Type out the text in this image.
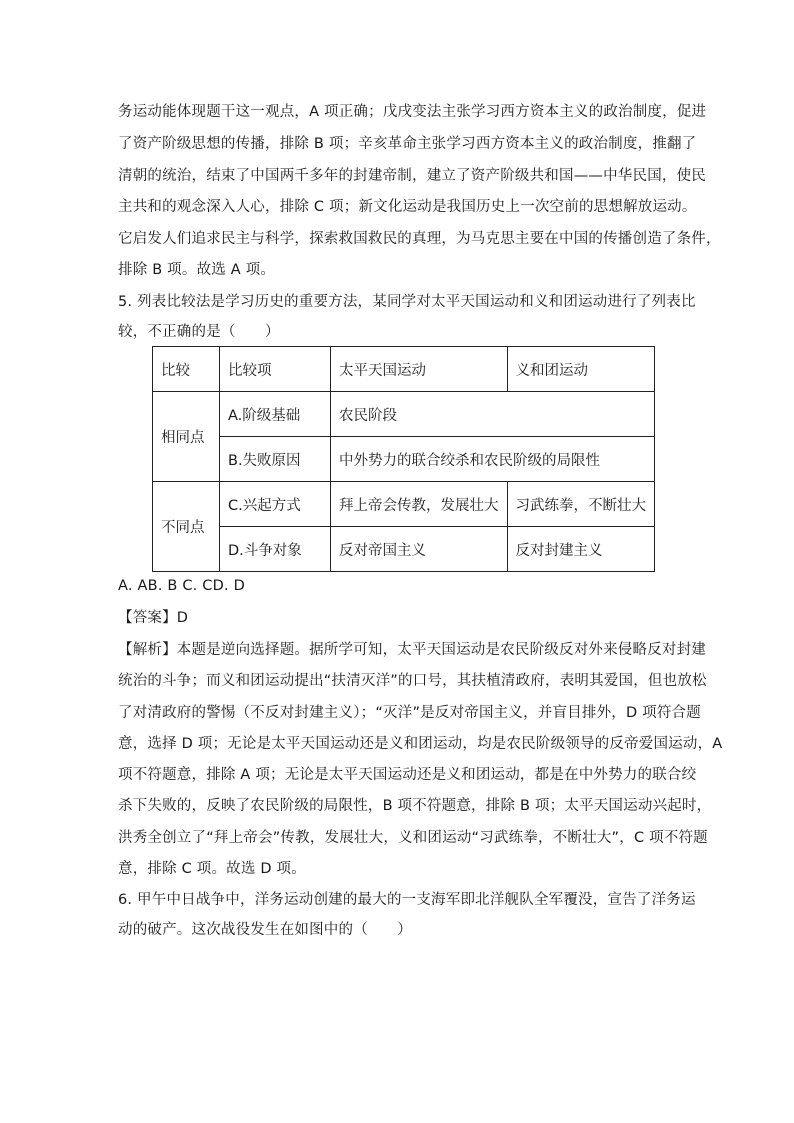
务运动能体现题干这一观点，A 项正确；戊戌变法主张学习西方资本主义的政治制度，促进
了资产阶级思想的传播，排除 B 项；辛亥革命主张学习西方资本主义的政治制度，推翻了
清朝的统治，结束了中国两千多年的封建帝制，建立了资产阶级共和国——中华民国，使民
主共和的观念深入人心，排除 C 项；新文化运动是我国历史上一次空前的思想解放运动。
它启发人们追求民主与科学，探索救国救民的真理，为马克思主要在中国的传播创造了条件，
排除 B 项。故选 A 项。
5. 列表比较法是学习历史的重要方法，某同学对太平天国运动和义和团运动进行了列表比
较，不正确的是（　　）
比较	比较项	太平天国运动	义和团运动
相同点	A.阶级基础	农民阶段	
	B.失败原因	中外势力的联合绞杀和农民阶级的局限性	
不同点	C.兴起方式	拜上帝会传教，发展壮大	习武练拳，不断壮大
	D.斗争对象	反对帝国主义	反对封建主义
A. AB. B C. CD. D
【答案】D
【解析】本题是逆向选择题。据所学可知，太平天国运动是农民阶级反对外来侵略反对封建
统治的斗争；而义和团运动提出“扶清灭洋”的口号，其扶植清政府，表明其爱国，但也放松
了对清政府的警惕（不反对封建主义）；“灭洋”是反对帝国主义，并盲目排外，D 项符合题
意，选择 D 项；无论是太平天国运动还是义和团运动，均是农民阶级领导的反帝爱国运动，A
项不符题意，排除 A 项；无论是太平天国运动还是义和团运动，都是在中外势力的联合绞
杀下失败的，反映了农民阶级的局限性，B 项不符题意，排除 B 项；太平天国运动兴起时，
洪秀全创立了“拜上帝会”传教，发展壮大，义和团运动“习武练拳，不断壮大”，C 项不符题
意，排除 C 项。故选 D 项。
6. 甲午中日战争中，洋务运动创建的最大的一支海军即北洋舰队全军覆没，宣告了洋务运
动的破产。这次战役发生在如图中的（　　）
